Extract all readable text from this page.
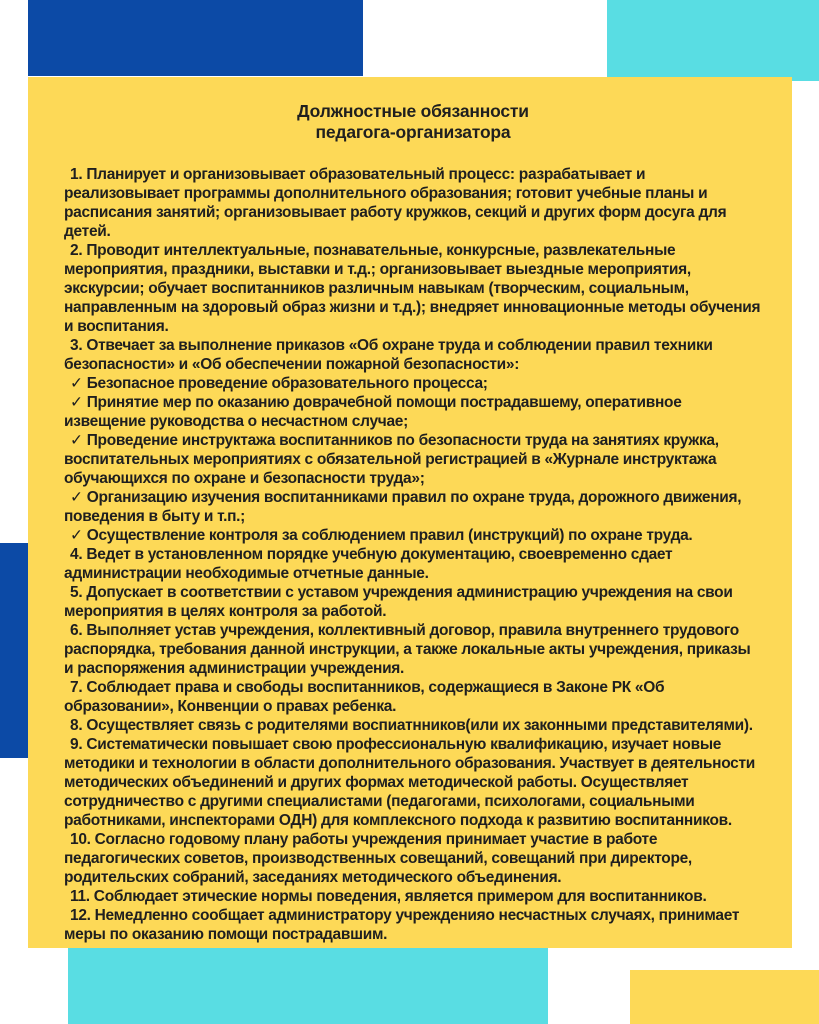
Должностные обязанности
педагога-организатора

1. Планирует и организовывает образовательный процесс: разрабатывает и реализовывает программы дополнительного образования; готовит учебные планы и расписания занятий; организовывает работу кружков, секций и других форм досуга для детей.

2. Проводит интеллектуальные, познавательные, конкурсные, развлекательные мероприятия, праздники, выставки и т.д.; организовывает выездные мероприятия, экскурсии; обучает воспитанников различным навыкам (творческим, социальным, направленным на здоровый образ жизни и т.д.); внедряет инновационные методы обучения и воспитания.

3. Отвечает за выполнение приказов «Об охране труда и соблюдении правил техники безопасности» и «Об обеспечении пожарной безопасности»:

✓ Безопасное проведение образовательного процесса;

✓ Принятие мер по оказанию доврачебной помощи пострадавшему, оперативное извещение руководства о несчастном случае;

✓ Проведение инструктажа воспитанников по безопасности труда на занятиях кружка, воспитательных мероприятиях с обязательной регистрацией в «Журнале инструктажа обучающихся по охране и безопасности труда»;

✓ Организацию изучения воспитанниками правил по охране труда, дорожного движения, поведения в быту и т.п.;

✓ Осуществление контроля за соблюдением правил (инструкций) по охране труда.

4. Ведет в установленном порядке учебную документацию, своевременно сдает администрации необходимые отчетные данные.

5. Допускает в соответствии с уставом учреждения администрацию учреждения на свои мероприятия в целях контроля за работой.

6. Выполняет устав учреждения, коллективный договор, правила внутреннего трудового распорядка, требования данной инструкции, а также локальные акты учреждения, приказы и распоряжения администрации учреждения.

7. Соблюдает права и свободы воспитанников, содержащиеся в Законе РК «Об образовании», Конвенции о правах ребенка.

8. Осуществляет связь с родителями воспиатнников(или их законными представителями).

9. Систематически повышает свою профессиональную квалификацию, изучает новые методики и технологии в области дополнительного образования. Участвует в деятельности методических объединений и других формах методической работы. Осуществляет сотрудничество с другими специалистами (педагогами, психологами, социальными работниками, инспекторами ОДН) для комплексного подхода к развитию воспитанников.

10. Согласно годовому плану работы учреждения принимает участие в работе педагогических советов, производственных совещаний, совещаний при директоре, родительских собраний, заседаниях методического объединения.

11. Соблюдает этические нормы поведения, является примером для воспитанников.

12. Немедленно сообщает администратору учрежденияо несчастных случаях, принимает меры по оказанию помощи пострадавшим.
